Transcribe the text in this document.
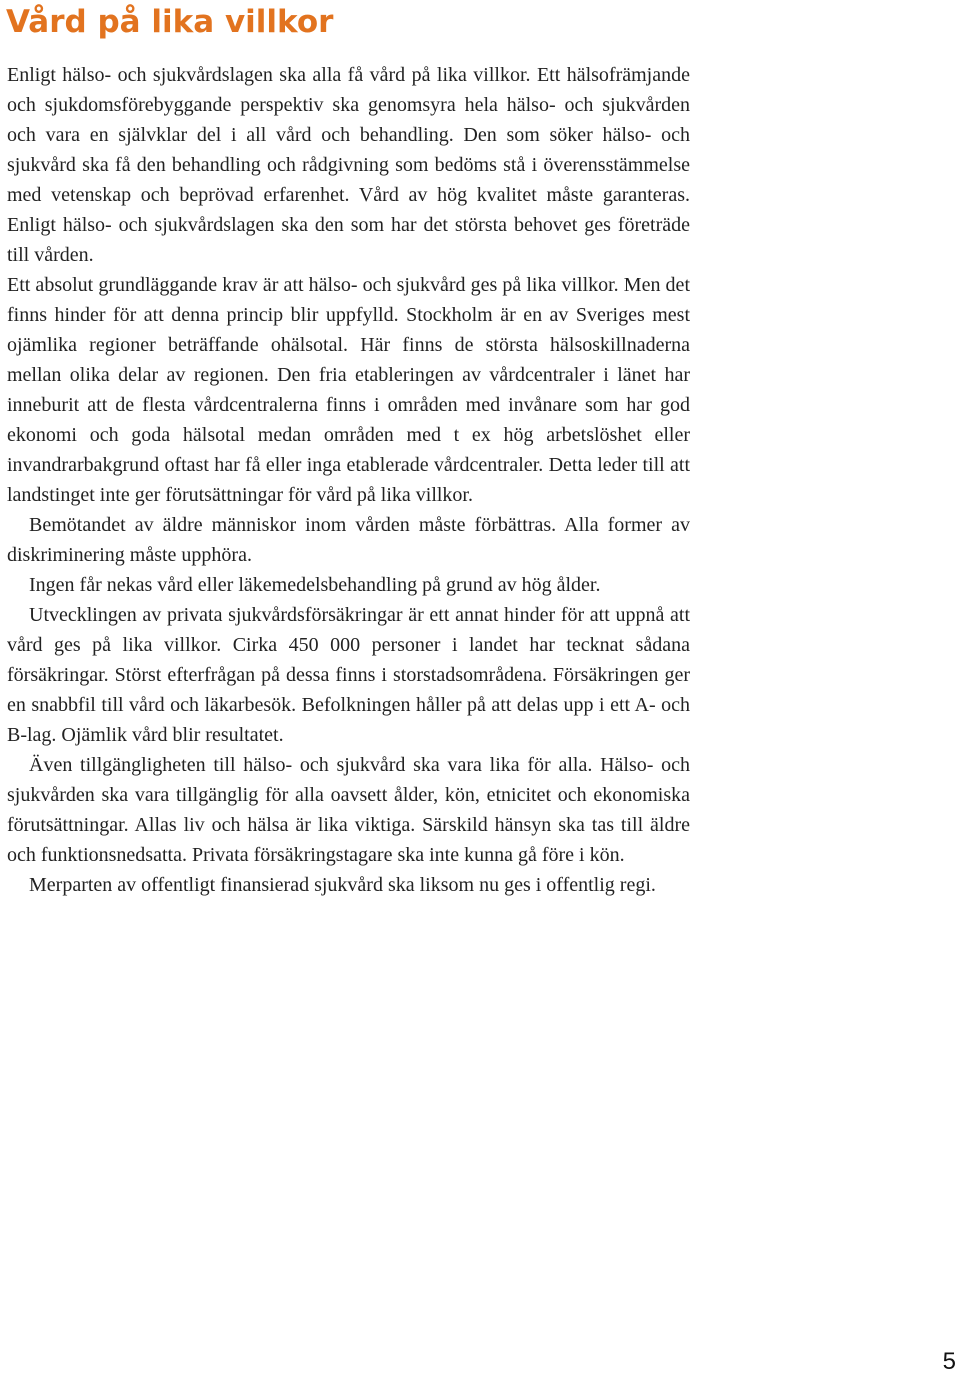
Vård på lika villkor

Enligt hälso- och sjukvårdslagen ska alla få vård på lika villkor. Ett hälsofrämjande och sjukdomsförebyggande perspektiv ska genomsyra hela hälso- och sjukvården och vara en självklar del i all vård och behandling. Den som söker hälso- och sjukvård ska få den behandling och rådgivning som bedöms stå i överensstämmelse med vetenskap och beprövad erfarenhet. Vård av hög kvalitet måste garanteras. Enligt hälso- och sjukvårdslagen ska den som har det största behovet ges företräde till vården.

Ett absolut grundläggande krav är att hälso- och sjukvård ges på lika villkor. Men det finns hinder för att denna princip blir uppfylld. Stockholm är en av Sveriges mest ojämlika regioner beträffande ohälsotal. Här finns de största hälsoskillnaderna mellan olika delar av regionen. Den fria etableringen av vårdcentraler i länet har inneburit att de flesta vårdcentralerna finns i områden med invånare som har god ekonomi och goda hälsotal medan områden med t ex hög arbetslöshet eller invandrarbakgrund oftast har få eller inga etablerade vårdcentraler. Detta leder till att landstinget inte ger förutsättningar för vård på lika villkor.

Bemötandet av äldre människor inom vården måste förbättras. Alla former av diskriminering måste upphöra.

Ingen får nekas vård eller läkemedelsbehandling på grund av hög ålder.

Utvecklingen av privata sjukvårdsförsäkringar är ett annat hinder för att uppnå att vård ges på lika villkor. Cirka 450 000 personer i landet har tecknat sådana försäkringar. Störst efterfrågan på dessa finns i storstadsområdena. Försäkringen ger en snabbfil till vård och läkarbesök. Befolkningen håller på att delas upp i ett A- och B-lag. Ojämlik vård blir resultatet.

Även tillgängligheten till hälso- och sjukvård ska vara lika för alla. Hälso- och sjukvården ska vara tillgänglig för alla oavsett ålder, kön, etnicitet och ekonomiska förutsättningar. Allas liv och hälsa är lika viktiga. Särskild hänsyn ska tas till äldre och funktionsnedsatta. Privata försäkringstagare ska inte kunna gå före i kön.

Merparten av offentligt finansierad sjukvård ska liksom nu ges i offentlig regi.

5
